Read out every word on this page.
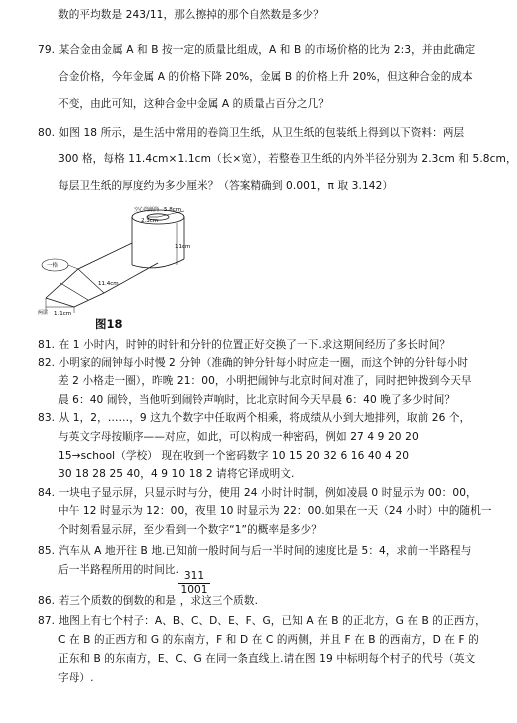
数的平均数是 243/11，那么擦掉的那个自然数是多少？
79. 某合金由金属 A 和 B 按一定的质量比组成，A 和 B 的市场价格的比为 2:3，并由此确定
合金价格，今年金属 A 的价格下降 20%，金属 B 的价格上升 20%，但这种合金的成本
不变，由此可知，这种合金中金属 A 的质量占百分之几？
80. 如图 18 所示，是生活中常用的卷筒卫生纸，从卫生纸的包装纸上得到以下资料：两层
300 格，每格 11.4cm×1.1cm（长×宽），若整卷卫生纸的内外半径分别为 2.3cm 和 5.8cm，
每层卫生纸的厚度约为多少厘米？（答案精确到 0.001，π 取 3.142）
81. 在 1 小时内，时钟的时针和分针的位置正好交换了一下.求这期间经历了多长时间？
82. 小明家的闹钟每小时慢 2 分钟（准确的钟分针每小时应走一圈，而这个钟的分针每小时
差 2 小格走一圈），昨晚 21：00，小明把闹钟与北京时间对准了，同时把钟拨到今天早
晨 6：40 闹铃，当他听到闹铃声响时，比北京时间今天早晨 6：40 晚了多少时间？
83. 从 1，2，……，9 这九个数字中任取两个相乘，将成绩从小到大地排列，取前 26 个，
与英文字母按顺序——对应，如此，可以构成一种密码，例如 27 4 9 20 20
15→school（学校） 现在收到一个密码数字 10 15 20 32 6 16 40 4 20
30 18 28 25 40，4 9 10 18 2 请将它译成明文.
84. 一块电子显示屏，只显示时与分，使用 24 小时计时制，例如凌晨 0 时显示为 00：00，
中午 12 时显示为 12：00，夜里 10 时显示为 22：00.如果在一天（24 小时）中的随机一
个时刻看显示屏，至少看到一个数字“1”的概率是多少？
85. 汽车从 A 地开往 B 地.已知前一般时间与后一半时间的速度比是 5：4，求前一半路程与
后一半路程所用的时间比.
86. 若三个质数的倒数的和是 ，求这三个质数.
87. 地图上有七个村子：A、B、C、D、E、F、G，已知 A 在 B 的正北方，G 在 B 的正西方，
C 在 B 的正西方和 G 的东南方，F 和 D 在 C 的两侧，并且 F 在 B 的西南方，D 在 F 的
正东和 B 的东南方，E、C、G 在同一条直线上.请在图 19 中标明每个村子的代号（英文
字母）.
空心筒纸筒
2.3cm
5.8cm
11cm
11.4cm
1.1cm
一格
两层
图18
$\frac{311}{1001}$
